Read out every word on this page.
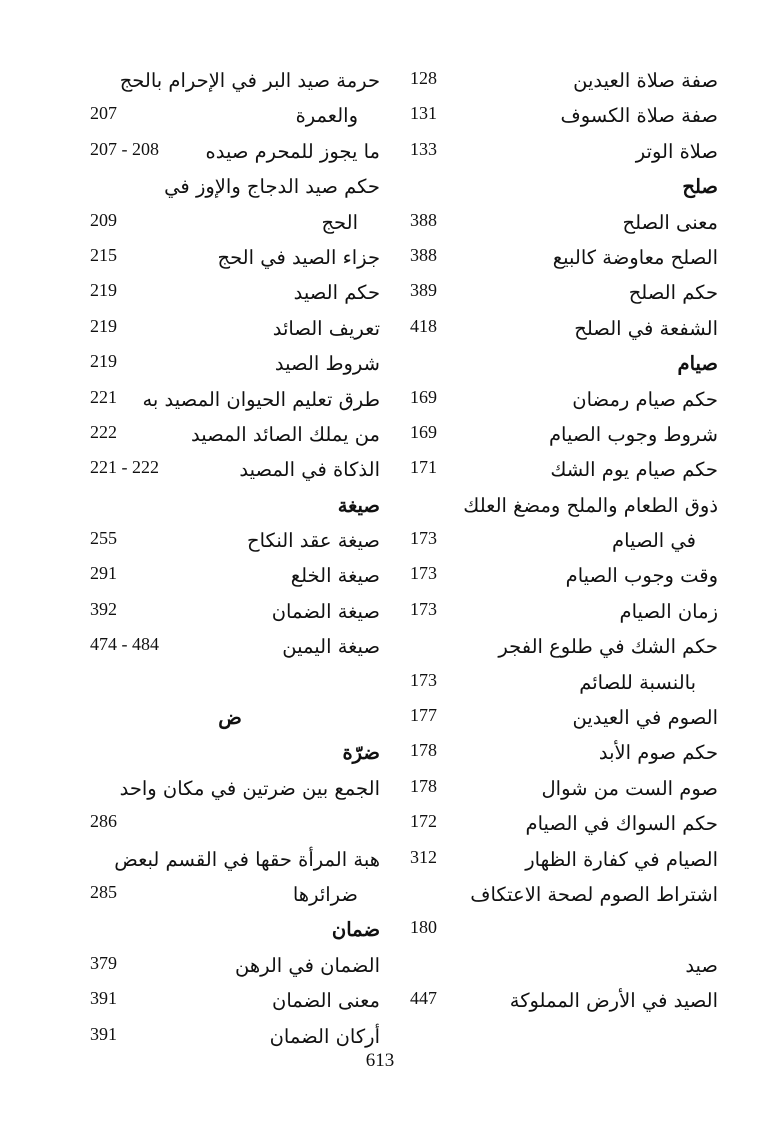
صفة صلاة العيدين
128
صفة صلاة الكسوف
131
صلاة الوتر
133
صلح
معنى الصلح
388
الصلح معاوضة كالبيع
388
حكم الصلح
389
الشفعة في الصلح
418
صيام
حكم صيام رمضان
169
شروط وجوب الصيام
169
حكم صيام يوم الشك
171
ذوق الطعام والملح ومضغ العلك
في الصيام
173
وقت وجوب الصيام
173
زمان الصيام
173
حكم الشك في طلوع الفجر
بالنسبة للصائم
173
الصوم في العيدين
177
حكم صوم الأبد
178
صوم الست من شوال
178
حكم السواك في الصيام
172
الصيام في كفارة الظهار
312
اشتراط الصوم لصحة الاعتكاف
180
صيد
الصيد في الأرض المملوكة
447
حرمة صيد البر في الإحرام بالحج
والعمرة
207
ما يجوز للمحرم صيده
207 - 208
حكم صيد الدجاج والإوز في
الحج
209
جزاء الصيد في الحج
215
حكم الصيد
219
تعريف الصائد
219
شروط الصيد
219
طرق تعليم الحيوان المصيد به
221
من يملك الصائد المصيد
222
الذكاة في المصيد
221 - 222
صيغة
صيغة عقد النكاح
255
صيغة الخلع
291
صيغة الضمان
392
صيغة اليمين
474 - 484
ض
ضرّة
الجمع بين ضرتين في مكان واحد
286
هبة المرأة حقها في القسم لبعض
ضرائرها
285
ضمان
الضمان في الرهن
379
معنى الضمان
391
أركان الضمان
391
613
